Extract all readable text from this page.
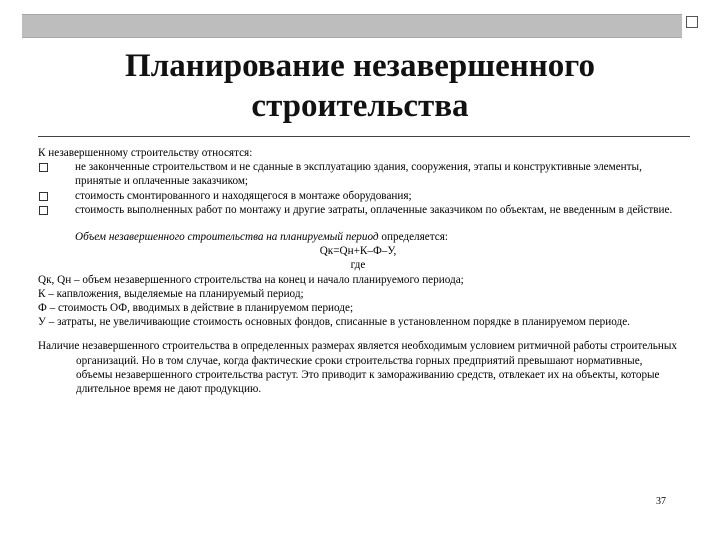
Планирование незавершенного
строительства

К незавершенному строительству относятся:

не законченные строительством и не сданные в эксплуатацию здания, сооружения, этапы и конструктивные элементы, принятые и оплаченные заказчиком;
стоимость смонтированного и находящегося в монтаже оборудования;
стоимость выполненных работ по монтажу и другие затраты, оплаченные заказчиком по объектам, не введенным в действие.
Объем незавершенного строительства на планируемый период определяется:
Qк=Qн+К–Ф–У,
где
Qк, Qн – объем незавершенного строительства на конец и начало планируемого периода;
К – капвложения, выделяемые на планируемый период;
Ф – стоимость ОФ, вводимых в действие в планируемом периоде;
У – затраты, не увеличивающие стоимость основных фондов, списанные в установленном порядке в планируемом периоде.
Наличие незавершенного строительства в определенных размерах является необходимым условием ритмичной работы строительных организаций. Но в том случае, когда фактические сроки строительства горных предприятий превышают нормативные, объемы незавершенного строительства растут. Это приводит к замораживанию средств, отвлекает их на объекты, которые длительное время не дают продукцию.
37
